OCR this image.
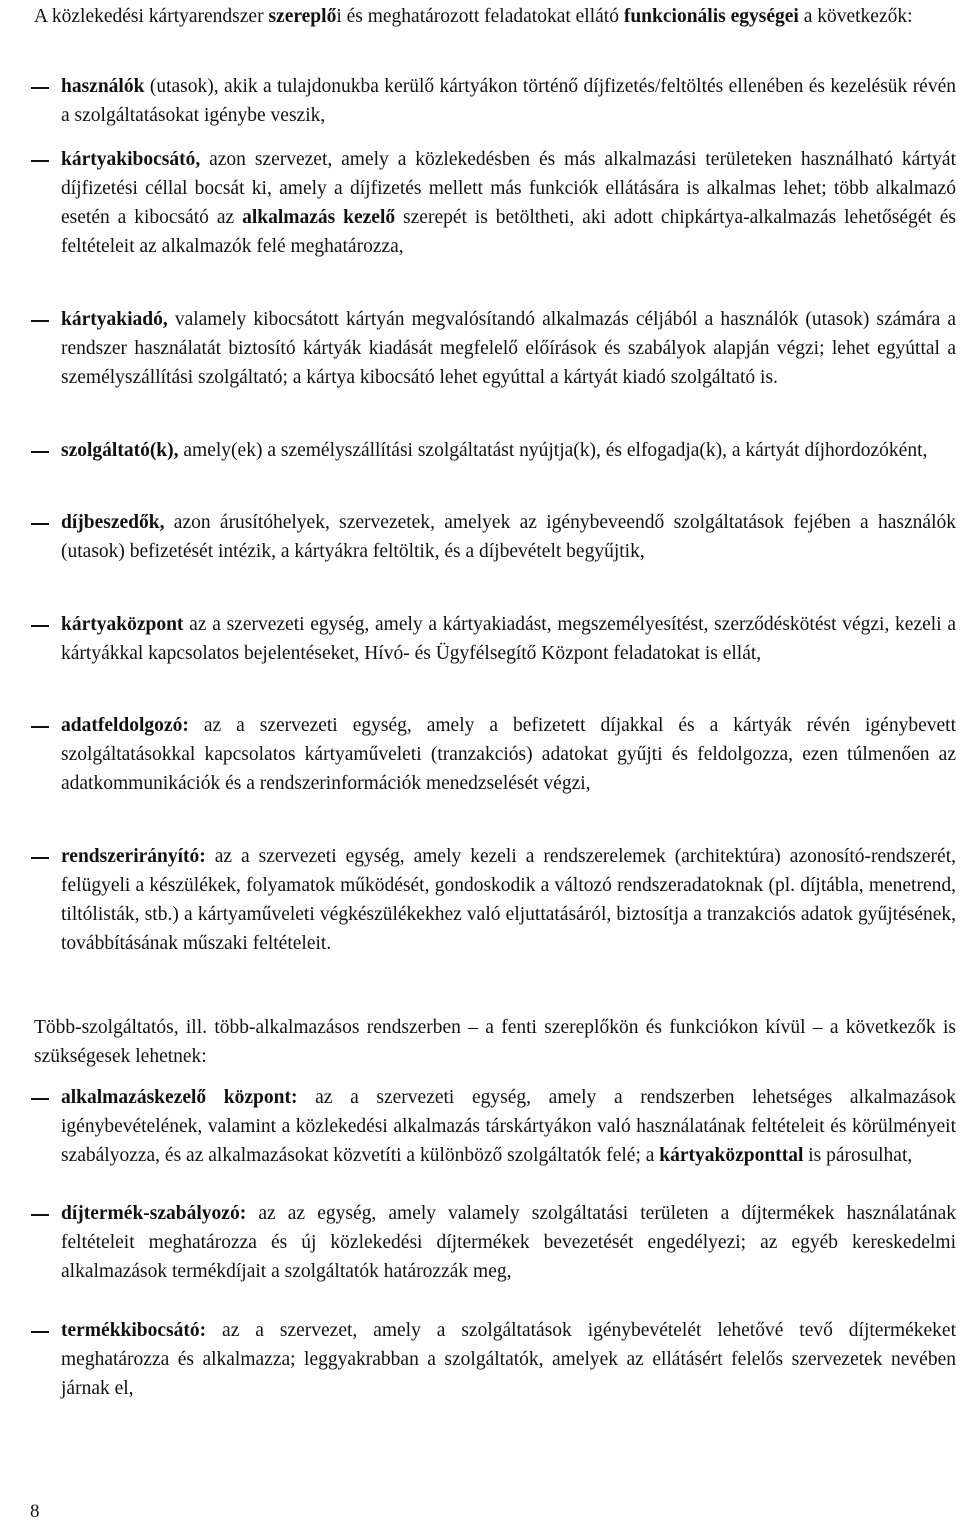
A közlekedési kártyarendszer szereplői és meghatározott feladatokat ellátó funkcionális egységei a következők:

használók (utasok), akik a tulajdonukba kerülő kártyákon történő díjfizetés/feltöltés ellenében és kezelésük révén a szolgáltatásokat igénybe veszik,

kártyakibocsátó, azon szervezet, amely a közlekedésben és más alkalmazási területeken használható kártyát díjfizetési céllal bocsát ki, amely a díjfizetés mellett más funkciók ellátására is alkalmas lehet; több alkalmazó esetén a kibocsátó az alkalmazás kezelő szerepét is betöltheti, aki adott chipkártya-alkalmazás lehetőségét és feltételeit az alkalmazók felé meghatározza,

kártyakiadó, valamely kibocsátott kártyán megvalósítandó alkalmazás céljából a használók (utasok) számára a rendszer használatát biztosító kártyák kiadását megfelelő előírások és szabályok alapján végzi; lehet egyúttal a személyszállítási szolgáltató; a kártya kibocsátó lehet egyúttal a kártyát kiadó szolgáltató is.

szolgáltató(k), amely(ek) a személyszállítási szolgáltatást nyújtja(k), és elfogadja(k), a kártyát díjhordozóként,

díjbeszedők, azon árusítóhelyek, szervezetek, amelyek az igénybeveendő szolgáltatások fejében a használók (utasok) befizetését intézik, a kártyákra feltöltik, és a díjbevételt begyűjtik,

kártyaközpont az a szervezeti egység, amely a kártyakiadást, megszemélyesítést, szerződéskötést végzi, kezeli a kártyákkal kapcsolatos bejelentéseket, Hívó- és Ügyfélsegítő Központ feladatokat is ellát,

adatfeldolgozó: az a szervezeti egység, amely a befizetett díjakkal és a kártyák révén igénybevett szolgáltatásokkal kapcsolatos kártyaműveleti (tranzakciós) adatokat gyűjti és feldolgozza, ezen túlmenően az adatkommunikációk és a rendszerinformációk menedzselését végzi,

rendszerirányító: az a szervezeti egység, amely kezeli a rendszerelemek (architektúra) azonosító-rendszerét, felügyeli a készülékek, folyamatok működését, gondoskodik a változó rendszeradatoknak (pl. díjtábla, menetrend, tiltólisták, stb.) a kártyaműveleti végkészülékekhez való eljuttatásáról, biztosítja a tranzakciós adatok gyűjtésének, továbbításának műszaki feltételeit.

Több-szolgáltatós, ill. több-alkalmazásos rendszerben – a fenti szereplőkön és funkciókon kívül – a következők is szükségesek lehetnek:

alkalmazáskezelő központ: az a szervezeti egység, amely a rendszerben lehetséges alkalmazások igénybevételének, valamint a közlekedési alkalmazás társkártyákon való használatának feltételeit és körülményeit szabályozza, és az alkalmazásokat közvetíti a különböző szolgáltatók felé; a kártyaközponttal is párosulhat,

díjtermék-szabályozó: az az egység, amely valamely szolgáltatási területen a díjtermékek használatának feltételeit meghatározza és új közlekedési díjtermékek bevezetését engedélyezi; az egyéb kereskedelmi alkalmazások termékdíjait a szolgáltatók határozzák meg,

termékkibocsátó: az a szervezet, amely a szolgáltatások igénybevételét lehetővé tevő díjtermékeket meghatározza és alkalmazza; leggyakrabban a szolgáltatók, amelyek az ellátásért felelős szervezetek nevében járnak el,

8
